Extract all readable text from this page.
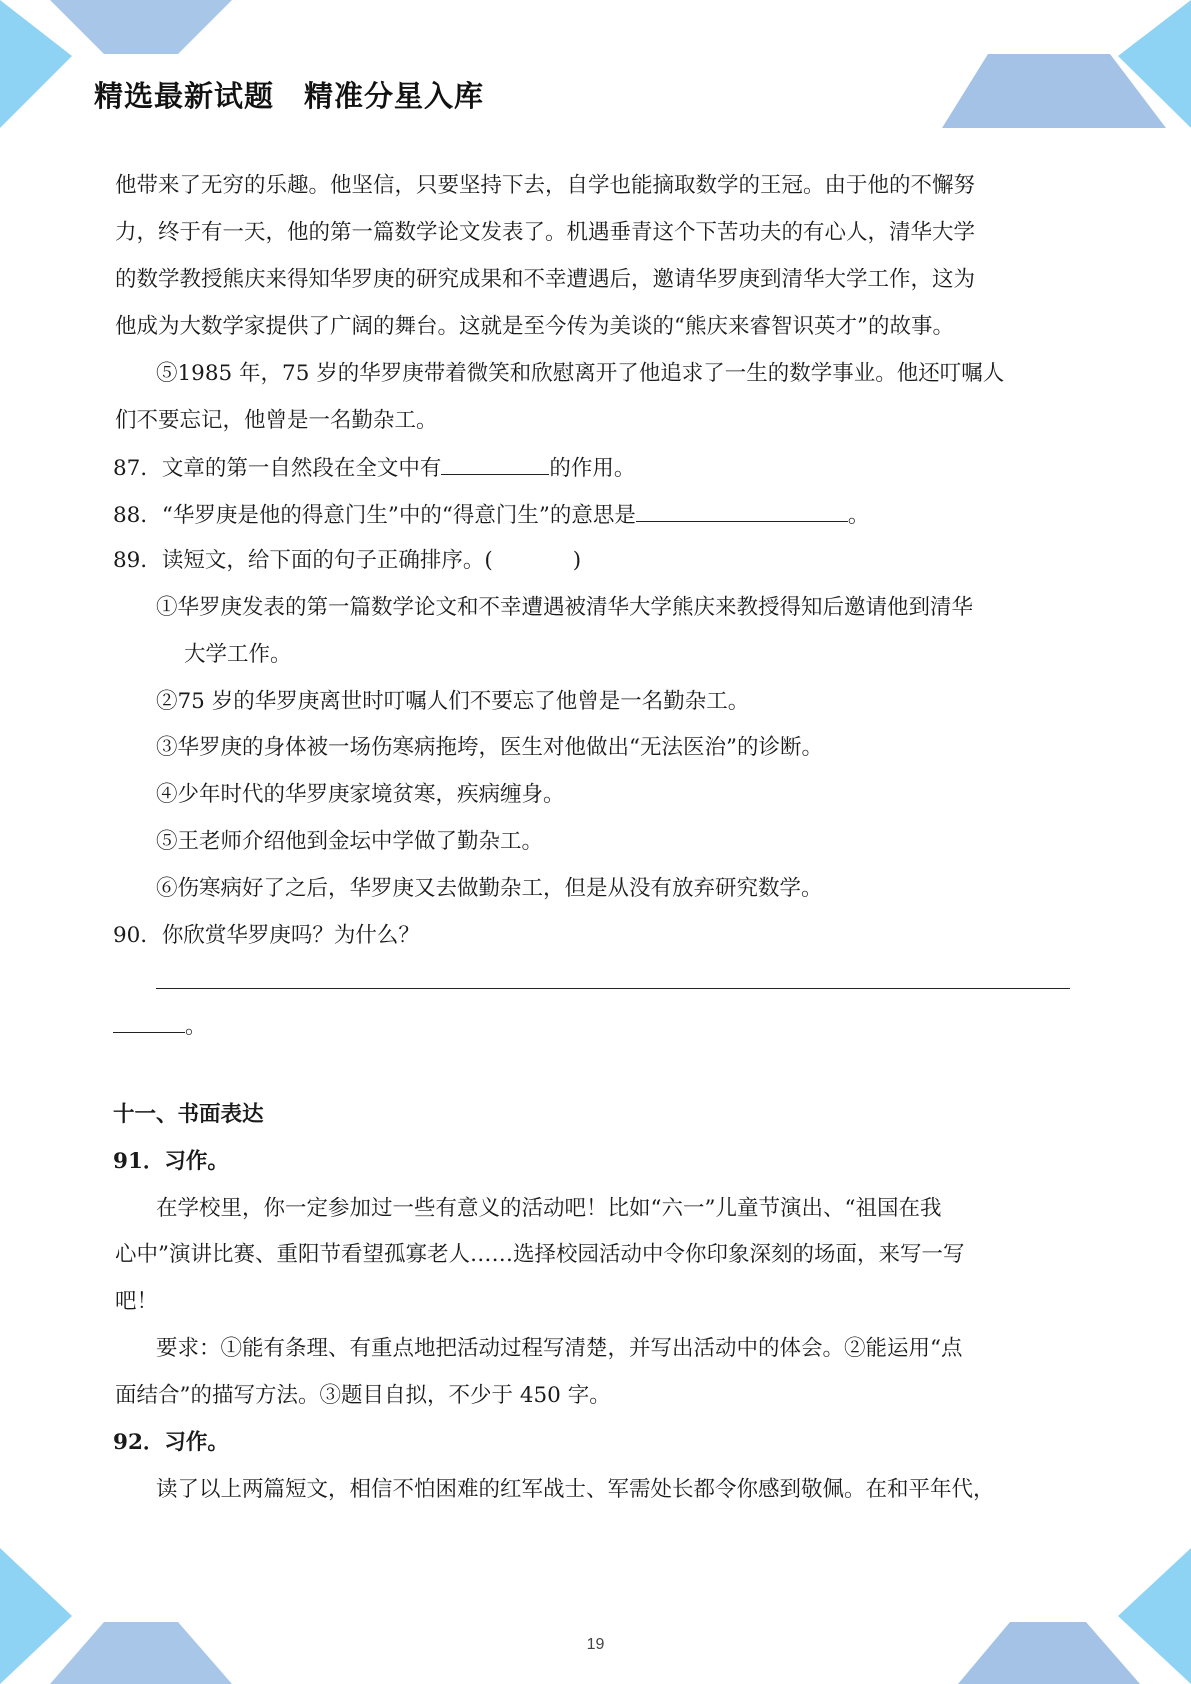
精选最新试题 精准分星入库
他带来了无穷的乐趣。他坚信，只要坚持下去，自学也能摘取数学的王冠。由于他的不懈努
力，终于有一天，他的第一篇数学论文发表了。机遇垂青这个下苦功夫的有心人，清华大学
的数学教授熊庆来得知华罗庚的研究成果和不幸遭遇后，邀请华罗庚到清华大学工作，这为
他成为大数学家提供了广阔的舞台。这就是至今传为美谈的“熊庆来睿智识英才”的故事。
⑤1985 年，75 岁的华罗庚带着微笑和欣慰离开了他追求了一生的数学事业。他还叮嘱人
们不要忘记，他曾是一名勤杂工。
87．文章的第一自然段在全文中有	的作用。
88．“华罗庚是他的得意门生”中的“得意门生”的意思是	。
89．读短文，给下面的句子正确排序。(	)
①华罗庚发表的第一篇数学论文和不幸遭遇被清华大学熊庆来教授得知后邀请他到清华
大学工作。
②75 岁的华罗庚离世时叮嘱人们不要忘了他曾是一名勤杂工。
③华罗庚的身体被一场伤寒病拖垮，医生对他做出“无法医治”的诊断。
④少年时代的华罗庚家境贫寒，疾病缠身。
⑤王老师介绍他到金坛中学做了勤杂工。
⑥伤寒病好了之后，华罗庚又去做勤杂工，但是从没有放弃研究数学。
90．你欣赏华罗庚吗？为什么？
。
十一、书面表达
91．习作。
在学校里，你一定参加过一些有意义的活动吧！比如“六一”儿童节演出、“祖国在我
心中”演讲比赛、重阳节看望孤寡老人……选择校园活动中令你印象深刻的场面，来写一写
吧！
要求：①能有条理、有重点地把活动过程写清楚，并写出活动中的体会。②能运用“点
面结合”的描写方法。③题目自拟，不少于 450 字。
92．习作。
读了以上两篇短文，相信不怕困难的红军战士、军需处长都令你感到敬佩。在和平年代，
19
